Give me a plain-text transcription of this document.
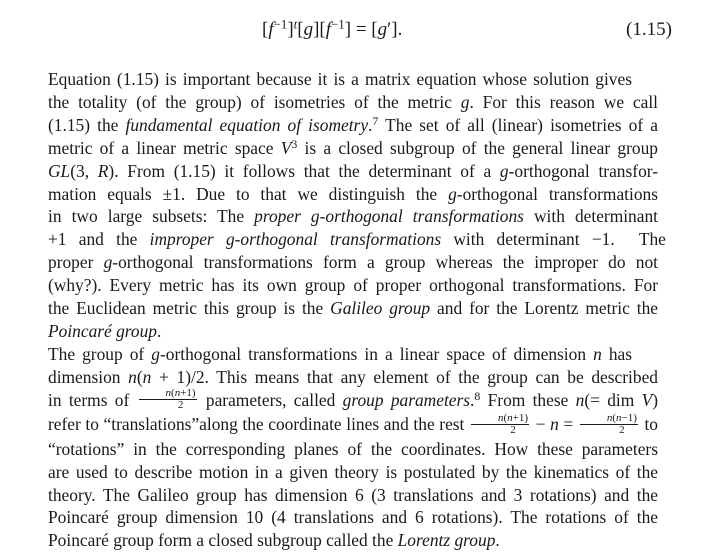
$[f^{-1}]^t[g][f^{-1}] = [g']$.	(1.15)

Equation (1.15) is important because it is a matrix equation whose solution gives
the totality (of the group) of isometries of the metric g. For this reason we call
(1.15) the fundamental equation of isometry.$^7$ The set of all (linear) isometries of a
metric of a linear metric space $V^3$ is a closed subgroup of the general linear group
GL(3, R). From (1.15) it follows that the determinant of a g-orthogonal transfor-
mation equals ±1. Due to that we distinguish the g-orthogonal transformations
in two large subsets: The proper g-orthogonal transformations with determinant
+1 and the improper g-orthogonal transformations with determinant −1.  The
proper g-orthogonal transformations form a group whereas the improper do not
(why?). Every metric has its own group of proper orthogonal transformations. For
the Euclidean metric this group is the Galileo group and for the Lorentz metric the
Poincaré group.

The group of g-orthogonal transformations in a linear space of dimension n has
dimension n(n + 1)/2. This means that any element of the group can be described
in terms of $\frac{n(n+1)}{2}$ parameters, called group parameters.$^8$ From these n(= dim V)
refer to “translations”along the coordinate lines and the rest $\frac{n(n+1)}{2} - n = \frac{n(n-1)}{2}$ to
“rotations” in the corresponding planes of the coordinates. How these parameters
are used to describe motion in a given theory is postulated by the kinematics of the
theory. The Galileo group has dimension 6 (3 translations and 3 rotations) and the
Poincaré group dimension 10 (4 translations and 6 rotations). The rotations of the
Poincaré group form a closed subgroup called the Lorentz group.
